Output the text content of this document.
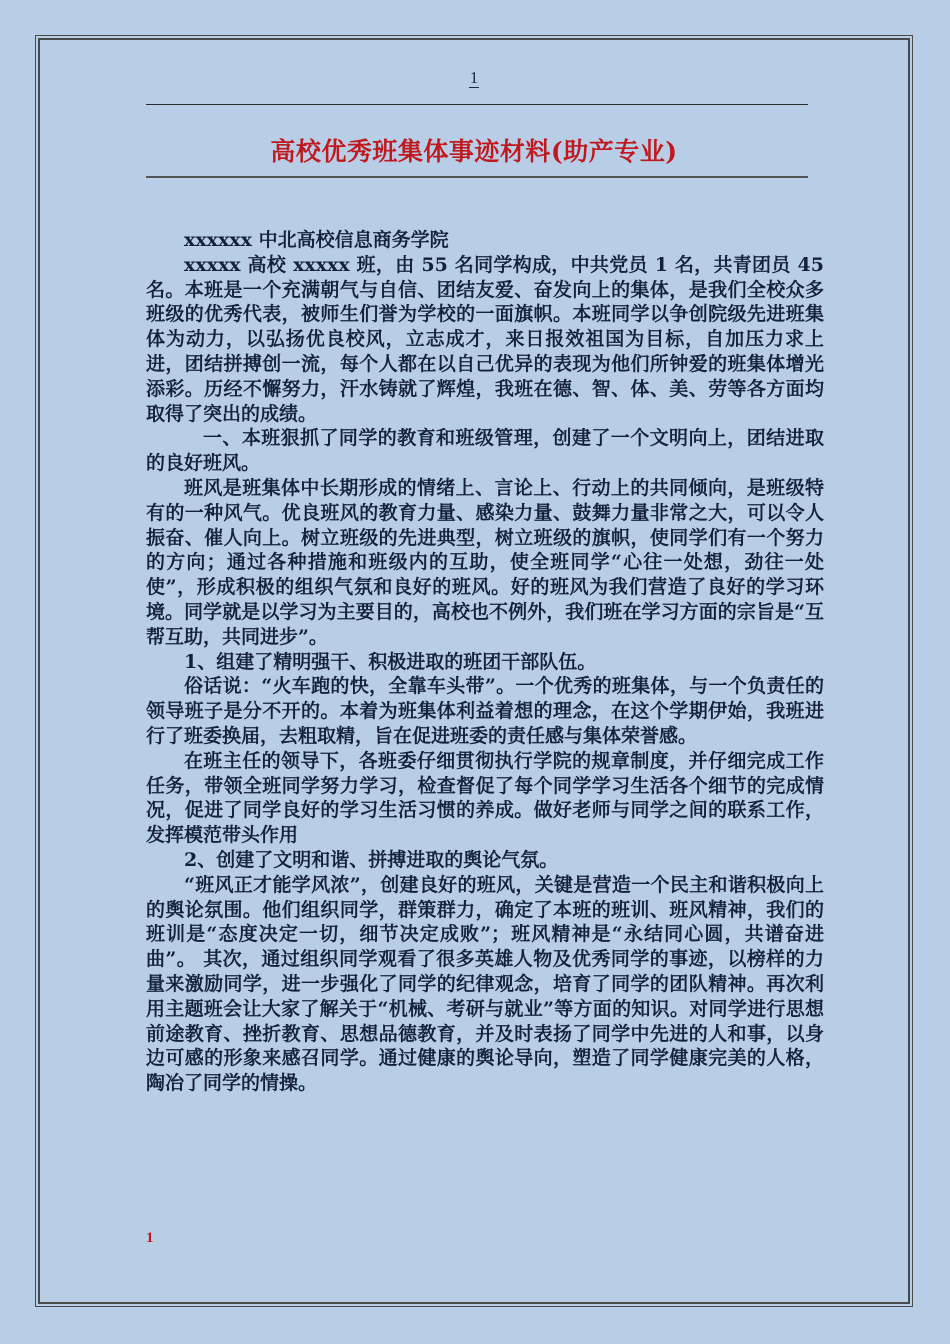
1
高校优秀班集体事迹材料(助产专业)

xxxxxx 中北高校信息商务学院

xxxxx 高校 xxxxx 班，由 55 名同学构成，中共党员 1 名，共青团员 45 名。本班是一个充满朝气与自信、团结友爱、奋发向上的集体，是我们全校众多班级的优秀代表，被师生们誉为学校的一面旗帜。本班同学以争创院级先进班集体为动力，以弘扬优良校风，立志成才，来日报效祖国为目标，自加压力求上进，团结拼搏创一流，每个人都在以自己优异的表现为他们所钟爱的班集体增光添彩。历经不懈努力，汗水铸就了辉煌，我班在德、智、体、美、劳等各方面均取得了突出的成绩。

一、本班狠抓了同学的教育和班级管理，创建了一个文明向上，团结进取的良好班风。

班风是班集体中长期形成的情绪上、言论上、行动上的共同倾向，是班级特有的一种风气。优良班风的教育力量、感染力量、鼓舞力量非常之大，可以令人振奋、催人向上。树立班级的先进典型，树立班级的旗帜，使同学们有一个努力的方向；通过各种措施和班级内的互助，使全班同学“心往一处想，劲往一处使”，形成积极的组织气氛和良好的班风。好的班风为我们营造了良好的学习环境。同学就是以学习为主要目的，高校也不例外，我们班在学习方面的宗旨是“互帮互助，共同进步”。

1、组建了精明强干、积极进取的班团干部队伍。

俗话说：“火车跑的快，全靠车头带”。一个优秀的班集体，与一个负责任的领导班子是分不开的。本着为班集体利益着想的理念，在这个学期伊始，我班进行了班委换届，去粗取精，旨在促进班委的责任感与集体荣誉感。

在班主任的领导下，各班委仔细贯彻执行学院的规章制度，并仔细完成工作任务，带领全班同学努力学习，检查督促了每个同学学习生活各个细节的完成情况，促进了同学良好的学习生活习惯的养成。做好老师与同学之间的联系工作，发挥模范带头作用

2、创建了文明和谐、拼搏进取的舆论气氛。

“班风正才能学风浓”，创建良好的班风，关键是营造一个民主和谐积极向上的舆论氛围。他们组织同学，群策群力，确定了本班的班训、班风精神，我们的班训是“态度决定一切，细节决定成败”；班风精神是“永结同心圆，共谱奋进曲”。 其次，通过组织同学观看了很多英雄人物及优秀同学的事迹，以榜样的力量来激励同学，进一步强化了同学的纪律观念，培育了同学的团队精神。再次利用主题班会让大家了解关于“机械、考研与就业”等方面的知识。对同学进行思想前途教育、挫折教育、思想品德教育，并及时表扬了同学中先进的人和事，以身边可感的形象来感召同学。通过健康的舆论导向，塑造了同学健康完美的人格，陶冶了同学的情操。

1
